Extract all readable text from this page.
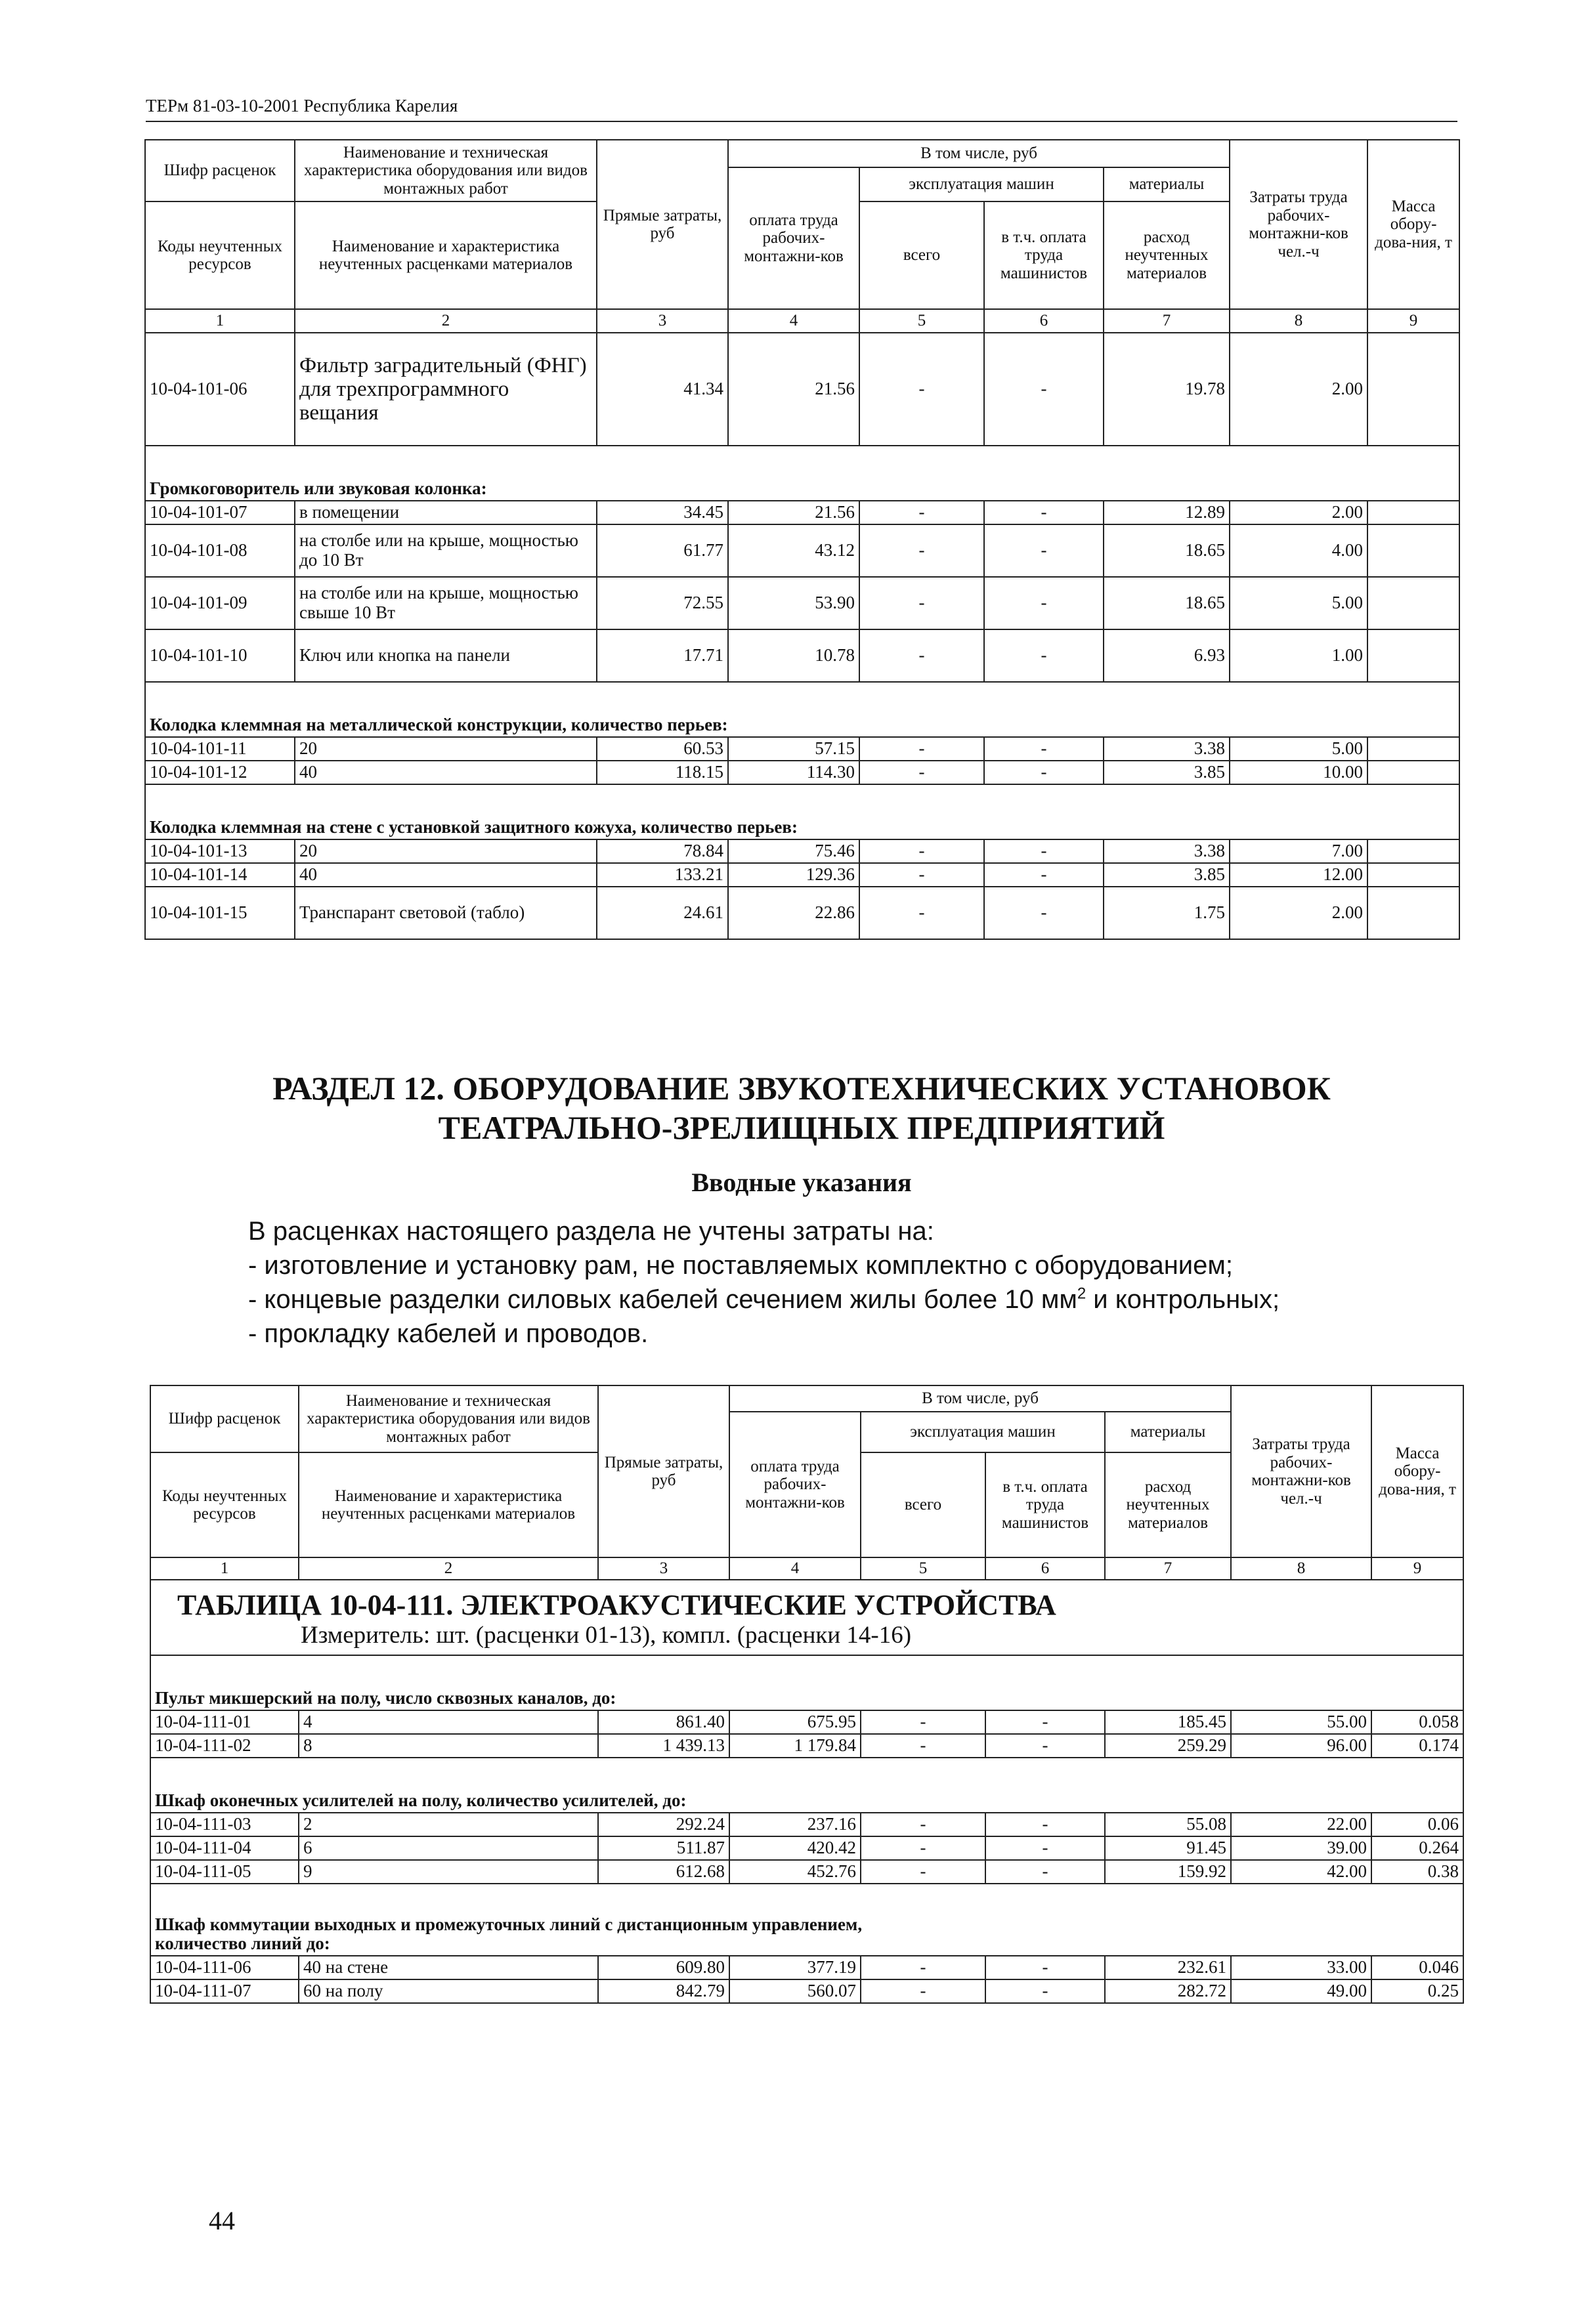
ТЕРм 81-03-10-2001 Республика Карелия
Шифр расценок	Наименование и техническая характеристика оборудования или видов монтажных работ	Прямые затраты, руб	В том числе, руб				Затраты труда рабочих-монтажни-ков чел.-ч	Масса обору-дова-ния, т
			оплата труда рабочих-монтажни-ков	эксплуатация машин		материалы		
Коды неучтенных ресурсов	Наименование и характеристика неучтенных расценками материалов			всего	в т.ч. оплата труда машинистов	расход неучтенных материалов		

1	2	3	4	5	6	7	8	9
10-04-101-06	Фильтр заградительный (ФНГ) для трехпрограммного вещания	41.34	21.56	-	-	19.78	2.00	
Громкоговоритель или звуковая колонка:								
10-04-101-07	в помещении	34.45	21.56	-	-	12.89	2.00	
10-04-101-08	на столбе или на крыше, мощностью до 10 Вт	61.77	43.12	-	-	18.65	4.00	
10-04-101-09	на столбе или на крыше, мощностью свыше 10 Вт	72.55	53.90	-	-	18.65	5.00	
10-04-101-10	Ключ или кнопка на панели	17.71	10.78	-	-	6.93	1.00	
Колодка клеммная на металлической конструкции, количество перьев:								
10-04-101-11	20	60.53	57.15	-	-	3.38	5.00	
10-04-101-12	40	118.15	114.30	-	-	3.85	10.00	
Колодка клеммная на стене с установкой защитного кожуха, количество перьев:								
10-04-101-13	20	78.84	75.46	-	-	3.38	7.00	
10-04-101-14	40	133.21	129.36	-	-	3.85	12.00	
10-04-101-15	Транспарант световой (табло)	24.61	22.86	-	-	1.75	2.00	
РАЗДЕЛ 12. ОБОРУДОВАНИЕ ЗВУКОТЕХНИЧЕСКИХ УСТАНОВОК
ТЕАТРАЛЬНО-ЗРЕЛИЩНЫХ ПРЕДПРИЯТИЙ
Вводные указания
В расценках настоящего раздела не учтены затраты на:
- изготовление и установку рам, не поставляемых комплектно с оборудованием;
- концевые разделки силовых кабелей сечением жилы более 10 $мм^2$ и контрольных;
- прокладку кабелей и проводов.
Шифр расценок	Наименование и техническая характеристика оборудования или видов монтажных работ	Прямые затраты, руб	В том числе, руб				Затраты труда рабочих-монтажни-ков чел.-ч	Масса обору-дова-ния, т
			оплата труда рабочих-монтажни-ков	эксплуатация машин		материалы		
Коды неучтенных ресурсов	Наименование и характеристика неучтенных расценками материалов			всего	в т.ч. оплата труда машинистов	расход неучтенных материалов		

1	2	3	4	5	6	7	8	9

ТАБЛИЦА 10-04-111. ЭЛЕКТРОАКУСТИЧЕСКИЕ УСТРОЙСТВА
Измеритель: шт. (расценки 01-13), компл. (расценки 14-16)								

Пульт микшерский на полу, число сквозных каналов, до:								
10-04-111-01	4	861.40	675.95	-	-	185.45	55.00	0.058
10-04-111-02	8	1 439.13	1 179.84	-	-	259.29	96.00	0.174
Шкаф оконечных усилителей на полу, количество усилителей, до:								
10-04-111-03	2	292.24	237.16	-	-	55.08	22.00	0.06
10-04-111-04	6	511.87	420.42	-	-	91.45	39.00	0.264
10-04-111-05	9	612.68	452.76	-	-	159.92	42.00	0.38

Шкаф коммутации выходных и промежуточных линий с дистанционным управлением,
количество линий до:								

10-04-111-06	40 на стене	609.80	377.19	-	-	232.61	33.00	0.046
10-04-111-07	60 на полу	842.79	560.07	-	-	282.72	49.00	0.25
44
